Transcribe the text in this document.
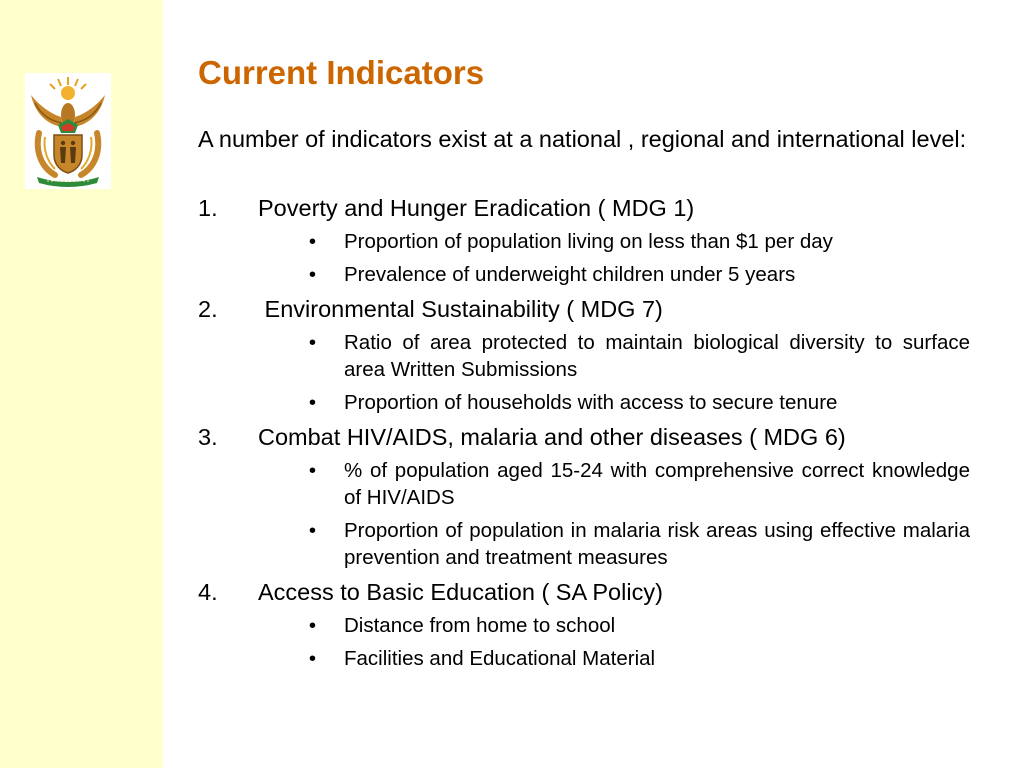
Current Indicators

A number of indicators exist at a national , regional and international level:

1.	Poverty and Hunger Eradication ( MDG 1)
•	Proportion of population living on less than $1 per day
•	Prevalence of underweight children under 5 years
2.	Environmental Sustainability ( MDG 7)
•	Ratio of area protected to maintain biological diversity to surface area Written Submissions
•	Proportion of households with access to secure tenure
3.	Combat HIV/AIDS, malaria and other diseases ( MDG 6)
•	% of population aged 15-24 with comprehensive correct knowledge of HIV/AIDS
•	Proportion of population in malaria risk areas using effective malaria prevention and treatment measures
4.	Access to Basic Education ( SA Policy)
•	Distance from home to school
•	Facilities and Educational Material
